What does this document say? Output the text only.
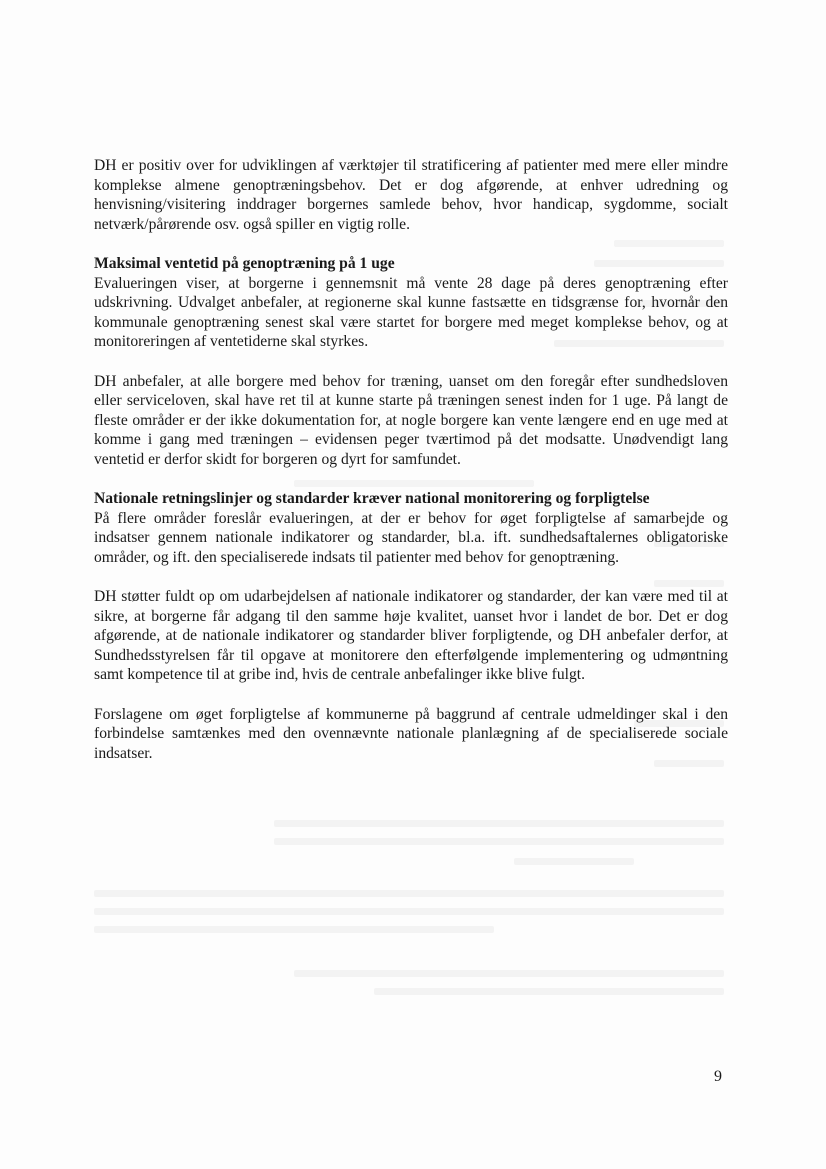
DH er positiv over for udviklingen af værktøjer til stratificering af patienter med mere eller mindre komplekse almene genoptræningsbehov. Det er dog afgørende, at enhver udredning og henvisning/visitering inddrager borgernes samlede behov, hvor handicap, sygdomme, socialt netværk/pårørende osv. også spiller en vigtig rolle.

Maksimal ventetid på genoptræning på 1 uge

Evalueringen viser, at borgerne i gennemsnit må vente 28 dage på deres genoptræning efter udskrivning. Udvalget anbefaler, at regionerne skal kunne fastsætte en tidsgrænse for, hvornår den kommunale genoptræning senest skal være startet for borgere med meget komplekse behov, og at monitoreringen af ventetiderne skal styrkes.

DH anbefaler, at alle borgere med behov for træning, uanset om den foregår efter sundhedsloven eller serviceloven, skal have ret til at kunne starte på træningen senest inden for 1 uge. På langt de fleste områder er der ikke dokumentation for, at nogle borgere kan vente længere end en uge med at komme i gang med træningen – evidensen peger tværtimod på det modsatte. Unødvendigt lang ventetid er derfor skidt for borgeren og dyrt for samfundet.

Nationale retningslinjer og standarder kræver national monitorering og forpligtelse

På flere områder foreslår evalueringen, at der er behov for øget forpligtelse af samarbejde og indsatser gennem nationale indikatorer og standarder, bl.a. ift. sundhedsaftalernes obligatoriske områder, og ift. den specialiserede indsats til patienter med behov for genoptræning.

DH støtter fuldt op om udarbejdelsen af nationale indikatorer og standarder, der kan være med til at sikre, at borgerne får adgang til den samme høje kvalitet, uanset hvor i landet de bor. Det er dog afgørende, at de nationale indikatorer og standarder bliver forpligtende, og DH anbefaler derfor, at Sundhedsstyrelsen får til opgave at monitorere den efterfølgende implementering og udmøntning samt kompetence til at gribe ind, hvis de centrale anbefalinger ikke blive fulgt.

Forslagene om øget forpligtelse af kommunerne på baggrund af centrale udmeldinger skal i den forbindelse samtænkes med den ovennævnte nationale planlægning af de specialiserede sociale indsatser.

9
